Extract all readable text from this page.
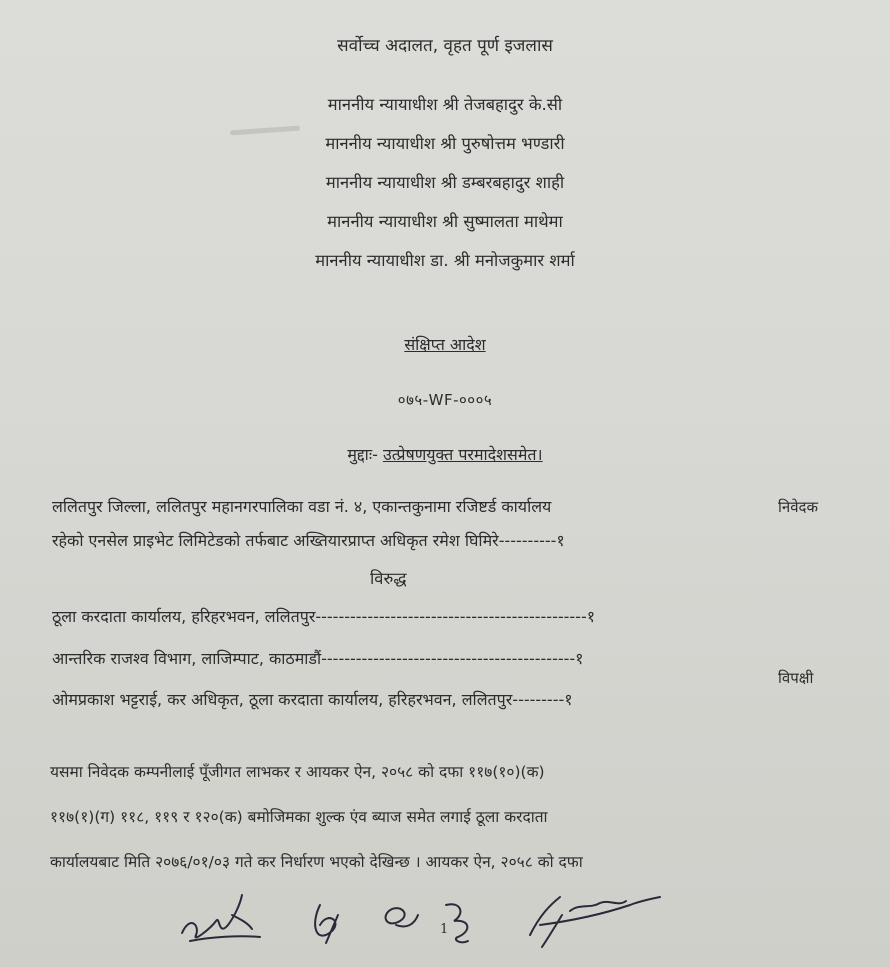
सर्वोच्च अदालत, वृहत पूर्ण इजलास
माननीय न्यायाधीश श्री तेजबहादुर के.सी
माननीय न्यायाधीश श्री पुरुषोत्तम भण्डारी
माननीय न्यायाधीश श्री डम्बरबहादुर शाही
माननीय न्यायाधीश श्री सुष्मालता माथेमा
माननीय न्यायाधीश डा. श्री मनोजकुमार शर्मा
संक्षिप्त आदेश
०७५-WF-०००५
मुद्दाः- उत्प्रेषणयुक्त परमादेशसमेत।
ललितपुर जिल्ला, ललितपुर महानगरपालिका वडा नं. ४, एकान्तकुनामा रजिष्टर्ड कार्यालय
रहेको एनसेल प्राइभेट लिमिटेडको तर्फबाट अख्तियारप्राप्त अधिकृत रमेश घिमिरे----------१
निवेदक
विरुद्ध
ठूला करदाता कार्यालय, हरिहरभवन, ललितपुर-----------------------------------------------१
आन्तरिक राजश्व विभाग, लाजिम्पाट, काठमाडौं--------------------------------------------१
ओमप्रकाश भट्टराई, कर अधिकृत, ठूला करदाता कार्यालय, हरिहरभवन, ललितपुर---------१
विपक्षी
यसमा निवेदक कम्पनीलाई पूँजीगत लाभकर र आयकर ऐन, २०५८ को दफा ११७(१०)(क)
११७(१)(ग) ११८, ११९ र १२०(क) बमोजिमका शुल्क एंव ब्याज समेत लगाई ठूला करदाता
कार्यालयबाट मिति २०७६/०१/०३ गते कर निर्धारण भएको देखिन्छ । आयकर ऐन, २०५८ को दफा
1
